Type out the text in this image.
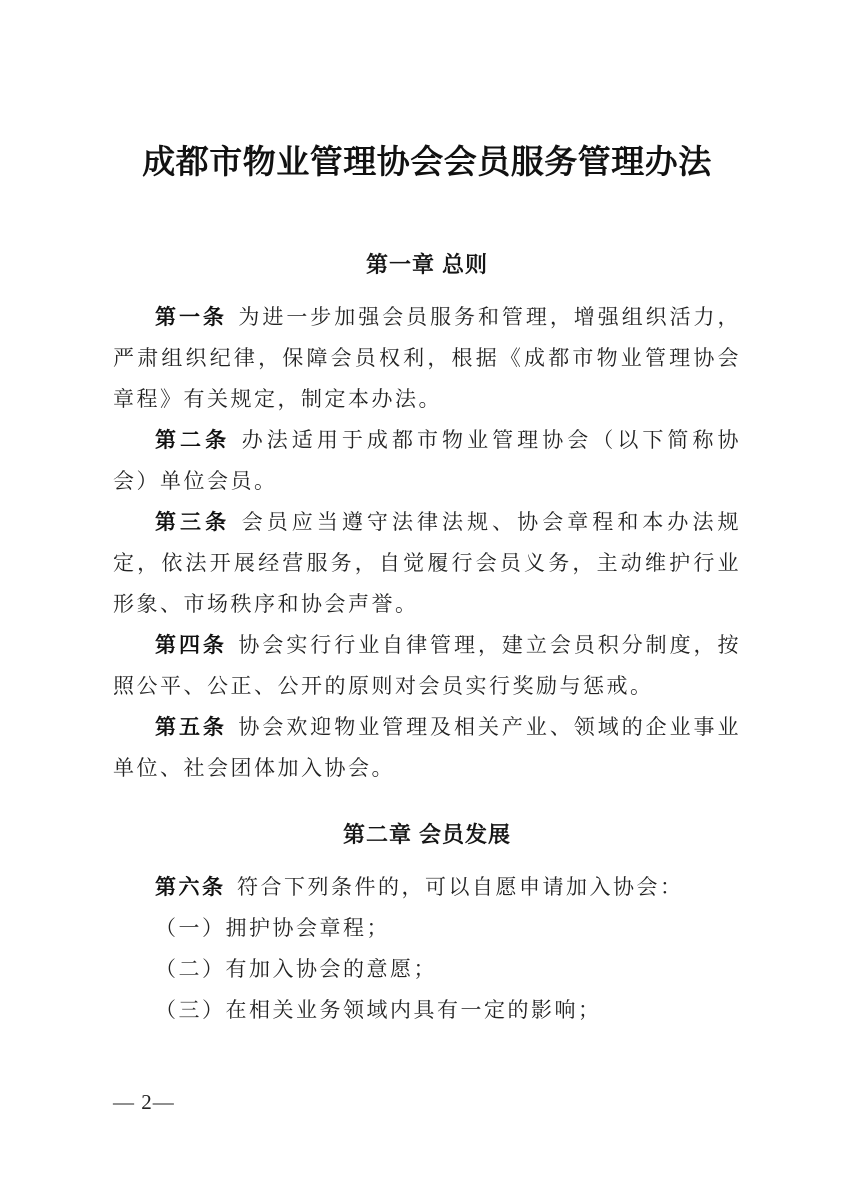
成都市物业管理协会会员服务管理办法
第一章 总则

第一条 为进一步加强会员服务和管理，增强组织活力，严肃组织纪律，保障会员权利，根据《成都市物业管理协会章程》有关规定，制定本办法。

第二条 办法适用于成都市物业管理协会（以下简称协会）单位会员。

第三条 会员应当遵守法律法规、协会章程和本办法规定，依法开展经营服务，自觉履行会员义务，主动维护行业形象、市场秩序和协会声誉。

第四条 协会实行行业自律管理，建立会员积分制度，按照公平、公正、公开的原则对会员实行奖励与惩戒。

第五条 协会欢迎物业管理及相关产业、领域的企业事业单位、社会团体加入协会。

第二章 会员发展

第六条 符合下列条件的，可以自愿申请加入协会：

（一）拥护协会章程；

（二）有加入协会的意愿；

（三）在相关业务领域内具有一定的影响；

— 2—
